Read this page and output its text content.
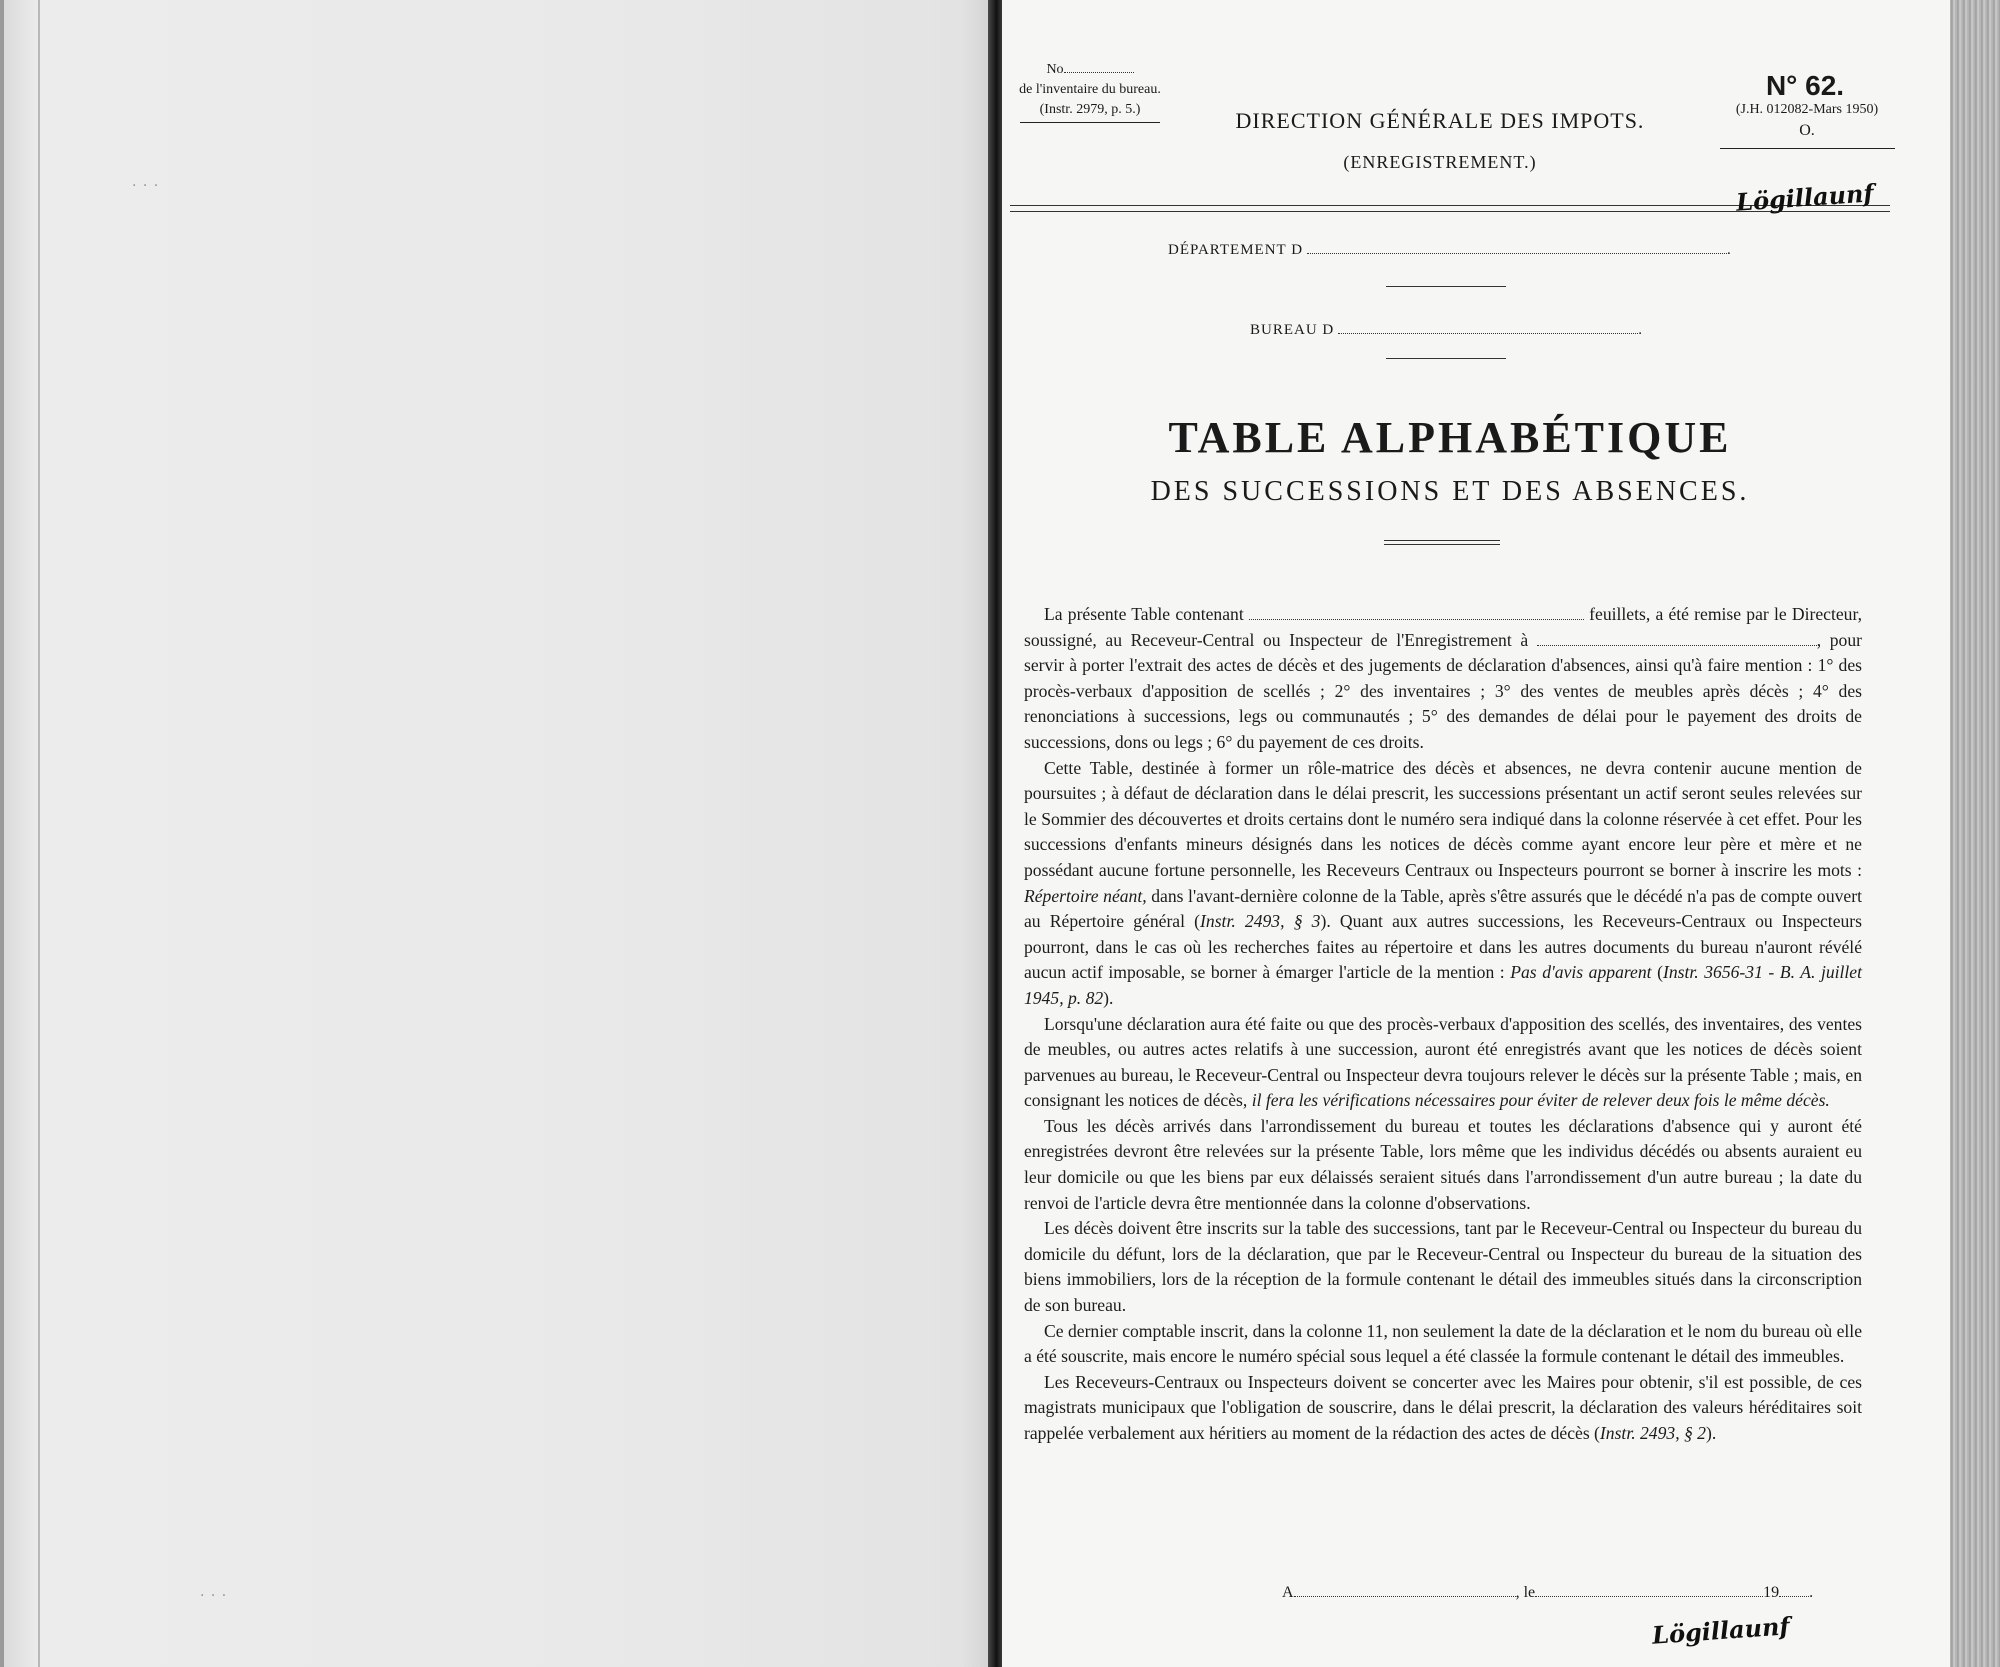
· · ·
· · ·
No
de l'inventaire du bureau.
(Instr. 2979, p. 5.)	DIRECTION GÉNÉRALE DES IMPOTS.
(ENREGISTREMENT.)
N° 62.
(J.H. 012082-Mars 1950)
O.
Lögillaunf
DÉPARTEMENT D	.
BUREAU D	.
TABLE ALPHABÉTIQUE
DES SUCCESSIONS ET DES ABSENCES.

La présente Table contenant	feuillets, a été remise par le Directeur, soussigné, au Receveur-Central ou Inspecteur de l'Enregistrement à	, pour servir à porter l'extrait des actes de décès et des jugements de déclaration d'absences, ainsi qu'à faire mention : 1° des procès-verbaux d'apposition de scellés ; 2° des inventaires ; 3° des ventes de meubles après décès ; 4° des renonciations à successions, legs ou communautés ; 5° des demandes de délai pour le payement des droits de successions, dons ou legs ; 6° du payement de ces droits.

Cette Table, destinée à former un rôle-matrice des décès et absences, ne devra contenir aucune mention de poursuites ; à défaut de déclaration dans le délai prescrit, les successions présentant un actif seront seules relevées sur le Sommier des découvertes et droits certains dont le numéro sera indiqué dans la colonne réservée à cet effet. Pour les successions d'enfants mineurs désignés dans les notices de décès comme ayant encore leur père et mère et ne possédant aucune fortune personnelle, les Receveurs Centraux ou Inspecteurs pourront se borner à inscrire les mots : Répertoire néant, dans l'avant-dernière colonne de la Table, après s'être assurés que le décédé n'a pas de compte ouvert au Répertoire général (Instr. 2493, § 3). Quant aux autres successions, les Receveurs-Centraux ou Inspecteurs pourront, dans le cas où les recherches faites au répertoire et dans les autres documents du bureau n'auront révélé aucun actif imposable, se borner à émarger l'article de la mention : Pas d'avis apparent (Instr. 3656-31 - B. A. juillet 1945, p. 82).

Lorsqu'une déclaration aura été faite ou que des procès-verbaux d'apposition des scellés, des inventaires, des ventes de meubles, ou autres actes relatifs à une succession, auront été enregistrés avant que les notices de décès soient parvenues au bureau, le Receveur-Central ou Inspecteur devra toujours relever le décès sur la présente Table ; mais, en consignant les notices de décès, il fera les vérifications nécessaires pour éviter de relever deux fois le même décès.

Tous les décès arrivés dans l'arrondissement du bureau et toutes les déclarations d'absence qui y auront été enregistrées devront être relevées sur la présente Table, lors même que les individus décédés ou absents auraient eu leur domicile ou que les biens par eux délaissés seraient situés dans l'arrondissement d'un autre bureau ; la date du renvoi de l'article devra être mentionnée dans la colonne d'observations.

Les décès doivent être inscrits sur la table des successions, tant par le Receveur-Central ou Inspecteur du bureau du domicile du défunt, lors de la déclaration, que par le Receveur-Central ou Inspecteur du bureau de la situation des biens immobiliers, lors de la réception de la formule contenant le détail des immeubles situés dans la circonscription de son bureau.

Ce dernier comptable inscrit, dans la colonne 11, non seulement la date de la déclaration et le nom du bureau où elle a été souscrite, mais encore le numéro spécial sous lequel a été classée la formule contenant le détail des immeubles.

Les Receveurs-Centraux ou Inspecteurs doivent se concerter avec les Maires pour obtenir, s'il est possible, de ces magistrats municipaux que l'obligation de souscrire, dans le délai prescrit, la déclaration des valeurs héréditaires soit rappelée verbalement aux héritiers au moment de la rédaction des actes de décès (Instr. 2493, § 2).

A	, le	19 .
Lögillaunf
